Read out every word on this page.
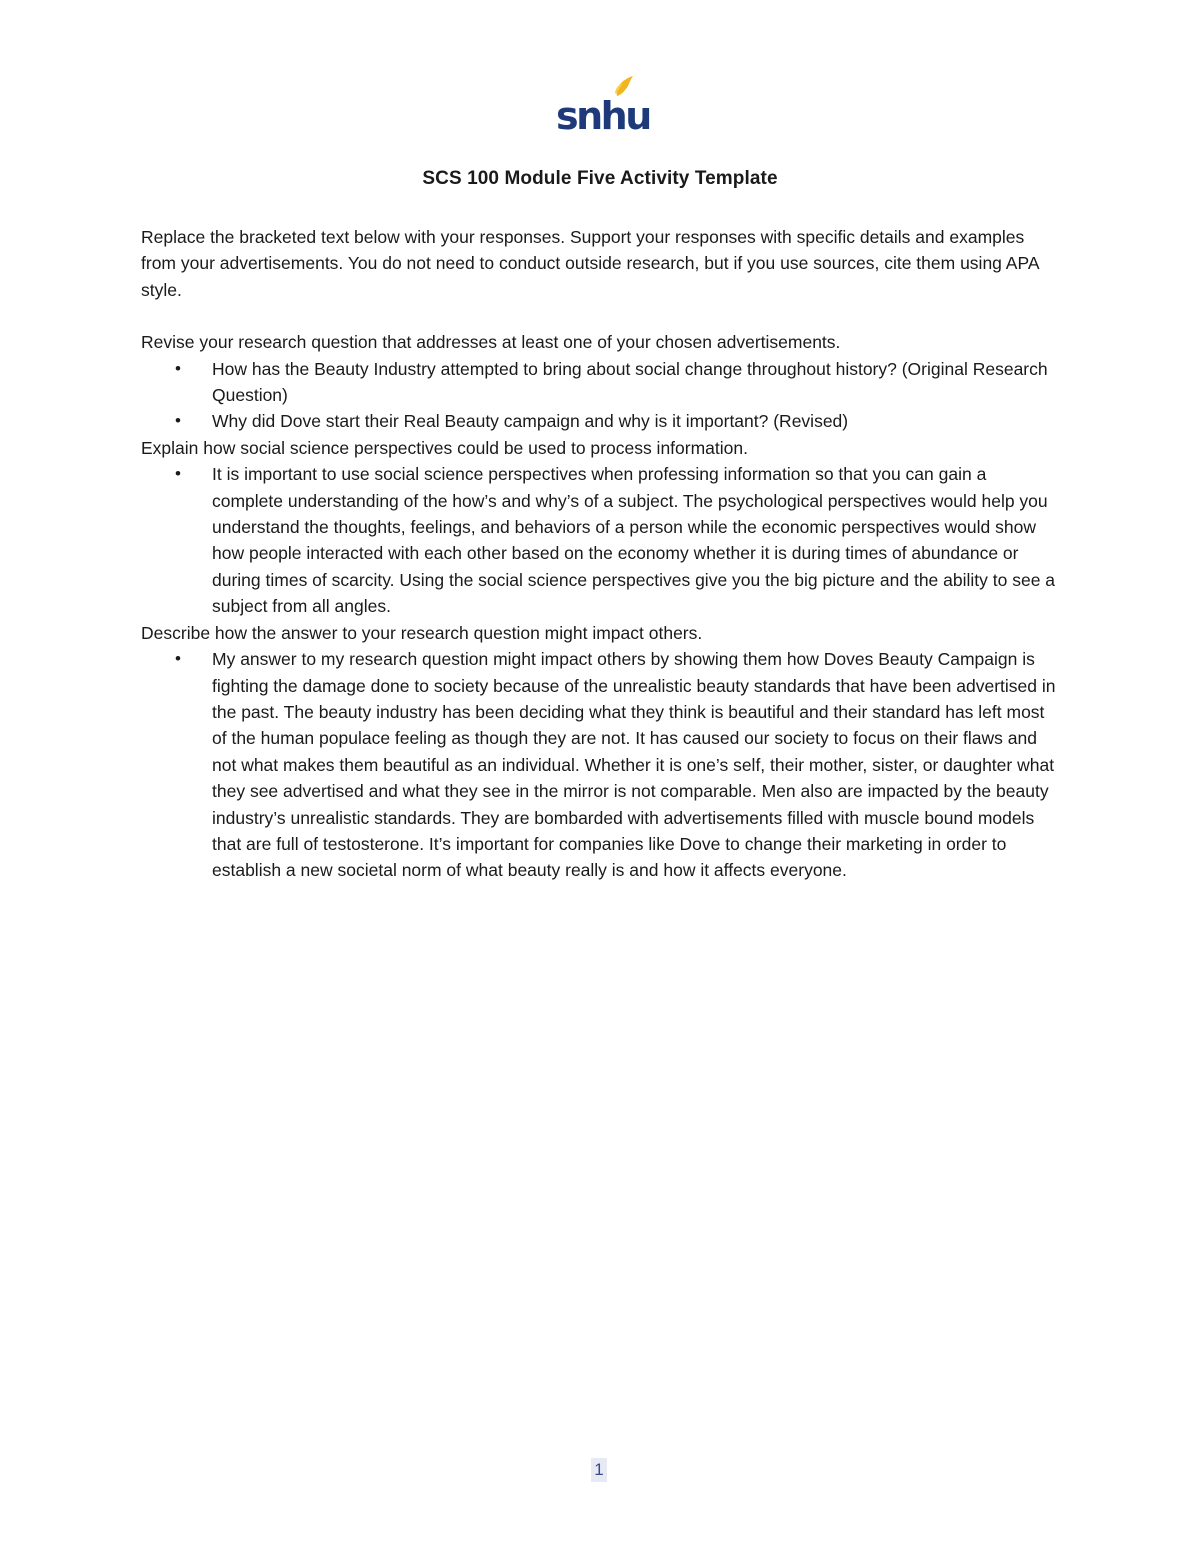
snhu
SCS 100 Module Five Activity Template

Replace the bracketed text below with your responses. Support your responses with specific details and examples from your advertisements. You do not need to conduct outside research, but if you use sources, cite them using APA style.

Revise your research question that addresses at least one of your chosen advertisements.

• How has the Beauty Industry attempted to bring about social change throughout history? (Original Research Question)
• Why did Dove start their Real Beauty campaign and why is it important? (Revised)

Explain how social science perspectives could be used to process information.

• It is important to use social science perspectives when professing information so that you can gain a complete understanding of the how’s and why’s of a subject. The psychological perspectives would help you understand the thoughts, feelings, and behaviors of a person while the economic perspectives would show how people interacted with each other based on the economy whether it is during times of abundance or during times of scarcity. Using the social science perspectives give you the big picture and the ability to see a subject from all angles.

Describe how the answer to your research question might impact others.

• My answer to my research question might impact others by showing them how Doves Beauty Campaign is fighting the damage done to society because of the unrealistic beauty standards that have been advertised in the past. The beauty industry has been deciding what they think is beautiful and their standard has left most of the human populace feeling as though they are not. It has caused our society to focus on their flaws and not what makes them beautiful as an individual. Whether it is one’s self, their mother, sister, or daughter what they see advertised and what they see in the mirror is not comparable. Men also are impacted by the beauty industry’s unrealistic standards. They are bombarded with advertisements filled with muscle bound models that are full of testosterone. It’s important for companies like Dove to change their marketing in order to establish a new societal norm of what beauty really is and how it affects everyone.
1
